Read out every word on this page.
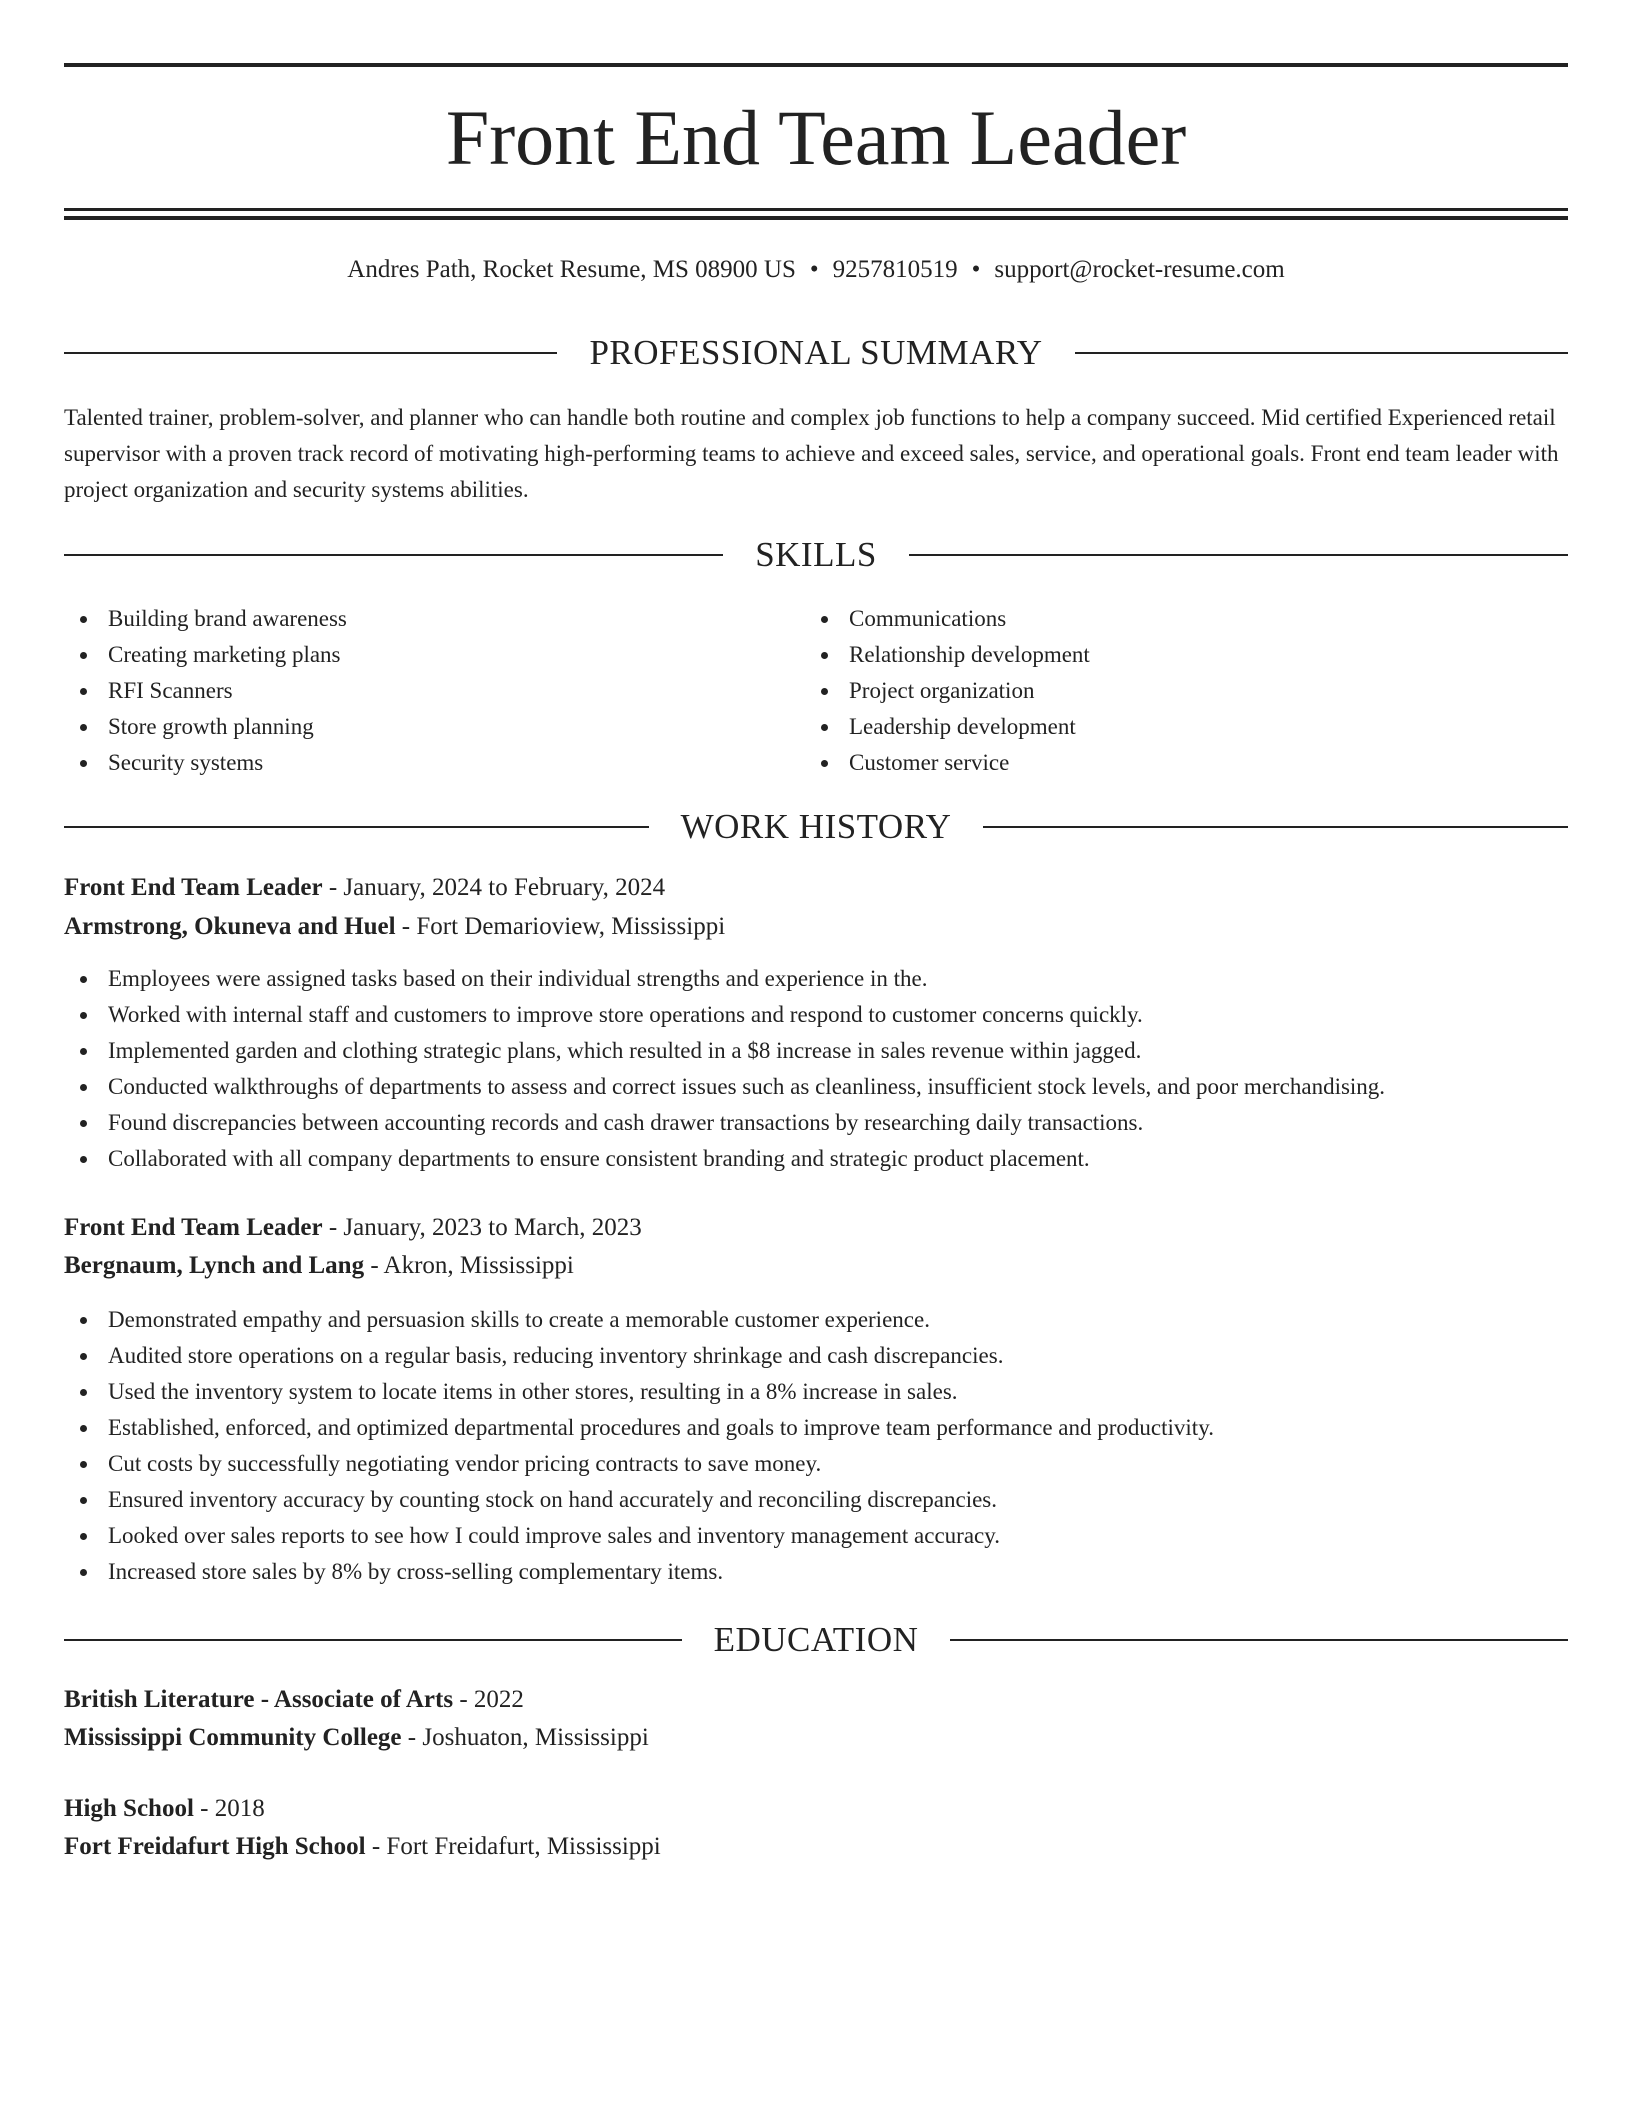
Front End Team Leader
Andres Path, Rocket Resume, MS 08900 US • 9257810519 • support@rocket-resume.com
PROFESSIONAL SUMMARY

Talented trainer, problem-solver, and planner who can handle both routine and complex job functions to help a company succeed. Mid certified Experienced retail supervisor with a proven track record of motivating high-performing teams to achieve and exceed sales, service, and operational goals. Front end team leader with project organization and security systems abilities.

SKILLS
Building brand awareness
Creating marketing plans
RFI Scanners
Store growth planning
Security systems
Communications
Relationship development
Project organization
Leadership development
Customer service
WORK HISTORY
Front End Team Leader - January, 2024 to February, 2024
Armstrong, Okuneva and Huel - Fort Demarioview, Mississippi
Employees were assigned tasks based on their individual strengths and experience in the.
Worked with internal staff and customers to improve store operations and respond to customer concerns quickly.
Implemented garden and clothing strategic plans, which resulted in a $8 increase in sales revenue within jagged.
Conducted walkthroughs of departments to assess and correct issues such as cleanliness, insufficient stock levels, and poor merchandising.
Found discrepancies between accounting records and cash drawer transactions by researching daily transactions.
Collaborated with all company departments to ensure consistent branding and strategic product placement.
Front End Team Leader - January, 2023 to March, 2023
Bergnaum, Lynch and Lang - Akron, Mississippi
Demonstrated empathy and persuasion skills to create a memorable customer experience.
Audited store operations on a regular basis, reducing inventory shrinkage and cash discrepancies.
Used the inventory system to locate items in other stores, resulting in a 8% increase in sales.
Established, enforced, and optimized departmental procedures and goals to improve team performance and productivity.
Cut costs by successfully negotiating vendor pricing contracts to save money.
Ensured inventory accuracy by counting stock on hand accurately and reconciling discrepancies.
Looked over sales reports to see how I could improve sales and inventory management accuracy.
Increased store sales by 8% by cross-selling complementary items.
EDUCATION
British Literature - Associate of Arts - 2022
Mississippi Community College - Joshuaton, Mississippi
High School - 2018
Fort Freidafurt High School - Fort Freidafurt, Mississippi
